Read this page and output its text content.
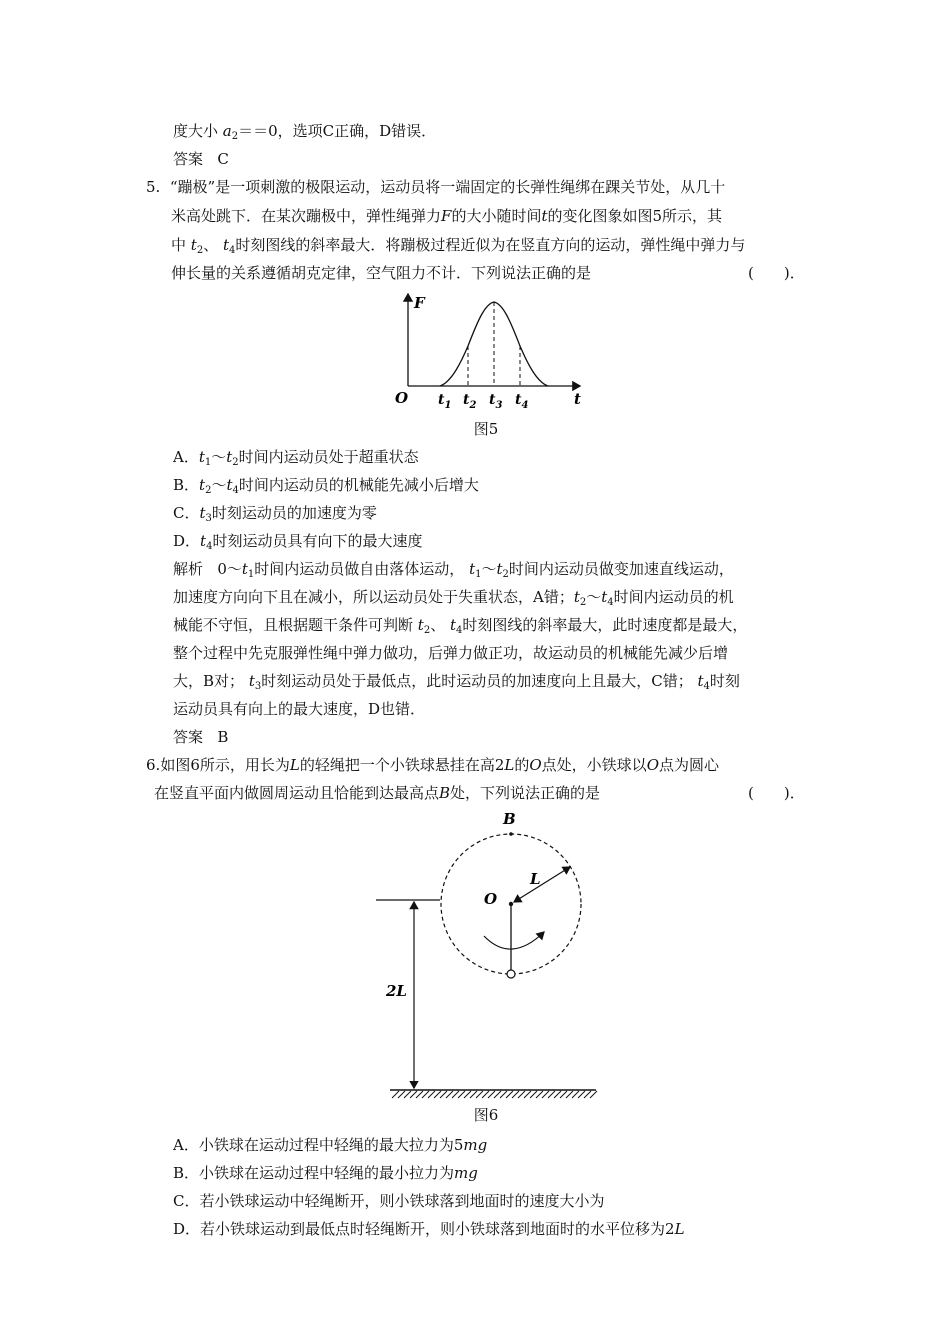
度大小 $a_2==0$，选项C正确，D错误．
答案 C
5. “蹦极”是一项刺激的极限运动，运动员将一端固定的长弹性绳绑在踝关节处，从几十
米高处跳下．在某次蹦极中，弹性绳弹力F的大小随时间t的变化图象如图5所示，其
中 $t_2$、 $t_4$时刻图线的斜率最大．将蹦极过程近似为在竖直方向的运动，弹性绳中弹力与
伸长量的关系遵循胡克定律，空气阻力不计．下列说法正确的是	(　　)．
F
O	t
$t_1$ $t_2$ $t_3$ $t_4$
图5
A．$t_1\sim t_2$时间内运动员处于超重状态
B．$t_2\sim t_4$时间内运动员的机械能先减小后增大
C．$t_3$时刻运动员的加速度为零
D．$t_4$时刻运动员具有向下的最大速度
解析 $0\sim t_1$时间内运动员做自由落体运动， $t_1\sim t_2$时间内运动员做变加速直线运动，
加速度方向向下且在减小，所以运动员处于失重状态，A错；$t_2\sim t_4$时间内运动员的机
械能不守恒，且根据题干条件可判断 $t_2$、 $t_4$时刻图线的斜率最大，此时速度都是最大，
整个过程中先克服弹性绳中弹力做功，后弹力做正功，故运动员的机械能先减少后增
大，B对； $t_3$时刻运动员处于最低点，此时运动员的加速度向上且最大，C错； $t_4$时刻
运动员具有向上的最大速度，D也错．
答案 B
6.如图6所示，用长为L的轻绳把一个小铁球悬挂在高2L的O点处，小铁球以O点为圆心
在竖直平面内做圆周运动且恰能到达最高点B处，下列说法正确的是	(　　)．
B
O
L
2L
图6
A．小铁球在运动过程中轻绳的最大拉力为5mg
B．小铁球在运动过程中轻绳的最小拉力为mg
C．若小铁球运动中轻绳断开，则小铁球落到地面时的速度大小为
D．若小铁球运动到最低点时轻绳断开，则小铁球落到地面时的水平位移为2L
